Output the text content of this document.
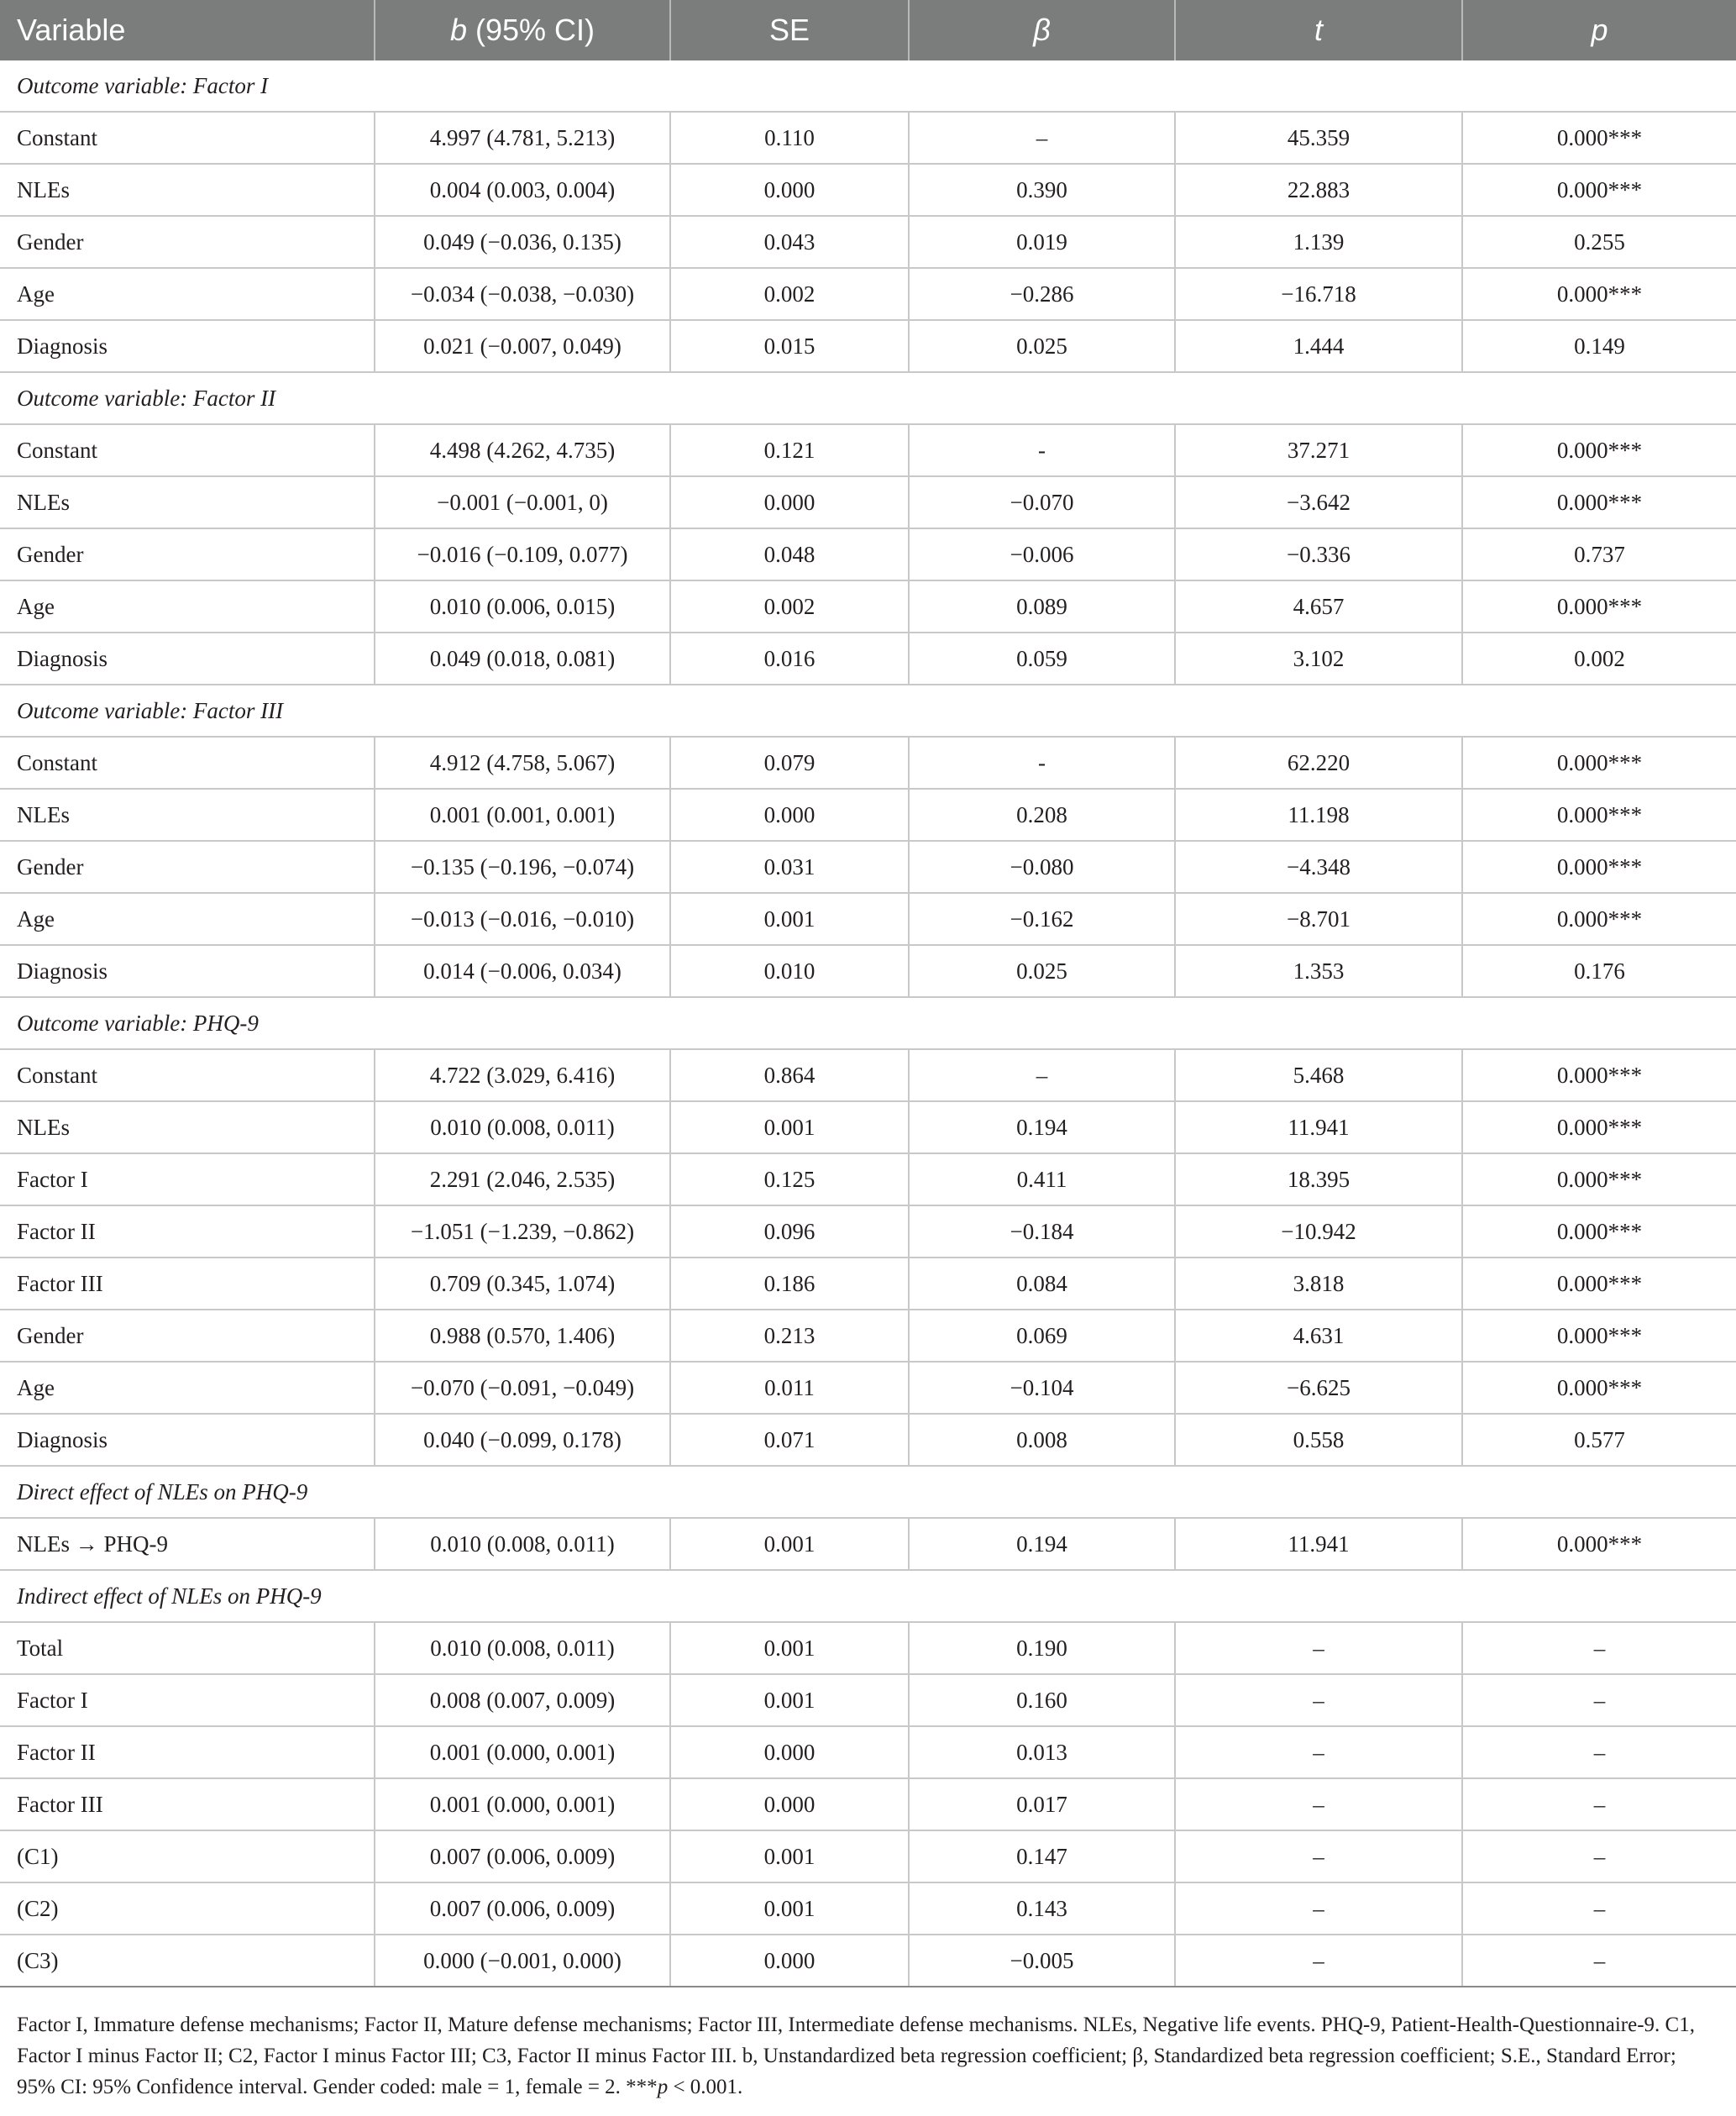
Variable	b (95% CI)	SE	β	t	p
Outcome variable: Factor I					
Constant	4.997 (4.781, 5.213)	0.110	–	45.359	0.000***
NLEs	0.004 (0.003, 0.004)	0.000	0.390	22.883	0.000***
Gender	0.049 (−0.036, 0.135)	0.043	0.019	1.139	0.255
Age	−0.034 (−0.038, −0.030)	0.002	−0.286	−16.718	0.000***
Diagnosis	0.021 (−0.007, 0.049)	0.015	0.025	1.444	0.149
Outcome variable: Factor II					
Constant	4.498 (4.262, 4.735)	0.121	-	37.271	0.000***
NLEs	−0.001 (−0.001, 0)	0.000	−0.070	−3.642	0.000***
Gender	−0.016 (−0.109, 0.077)	0.048	−0.006	−0.336	0.737
Age	0.010 (0.006, 0.015)	0.002	0.089	4.657	0.000***
Diagnosis	0.049 (0.018, 0.081)	0.016	0.059	3.102	0.002
Outcome variable: Factor III					
Constant	4.912 (4.758, 5.067)	0.079	-	62.220	0.000***
NLEs	0.001 (0.001, 0.001)	0.000	0.208	11.198	0.000***
Gender	−0.135 (−0.196, −0.074)	0.031	−0.080	−4.348	0.000***
Age	−0.013 (−0.016, −0.010)	0.001	−0.162	−8.701	0.000***
Diagnosis	0.014 (−0.006, 0.034)	0.010	0.025	1.353	0.176
Outcome variable: PHQ-9					
Constant	4.722 (3.029, 6.416)	0.864	–	5.468	0.000***
NLEs	0.010 (0.008, 0.011)	0.001	0.194	11.941	0.000***
Factor I	2.291 (2.046, 2.535)	0.125	0.411	18.395	0.000***
Factor II	−1.051 (−1.239, −0.862)	0.096	−0.184	−10.942	0.000***
Factor III	0.709 (0.345, 1.074)	0.186	0.084	3.818	0.000***
Gender	0.988 (0.570, 1.406)	0.213	0.069	4.631	0.000***
Age	−0.070 (−0.091, −0.049)	0.011	−0.104	−6.625	0.000***
Diagnosis	0.040 (−0.099, 0.178)	0.071	0.008	0.558	0.577
Direct effect of NLEs on PHQ-9					
NLEs → PHQ-9	0.010 (0.008, 0.011)	0.001	0.194	11.941	0.000***
Indirect effect of NLEs on PHQ-9					
Total	0.010 (0.008, 0.011)	0.001	0.190	–	–
Factor I	0.008 (0.007, 0.009)	0.001	0.160	–	–
Factor II	0.001 (0.000, 0.001)	0.000	0.013	–	–
Factor III	0.001 (0.000, 0.001)	0.000	0.017	–	–
(C1)	0.007 (0.006, 0.009)	0.001	0.147	–	–
(C2)	0.007 (0.006, 0.009)	0.001	0.143	–	–
(C3)	0.000 (−0.001, 0.000)	0.000	−0.005	–	–
Factor I, Immature defense mechanisms; Factor II, Mature defense mechanisms; Factor III, Intermediate defense mechanisms. NLEs, Negative life events. PHQ-9, Patient-Health-Questionnaire-9. C1, Factor I minus Factor II; C2, Factor I minus Factor III; C3, Factor II minus Factor III. b, Unstandardized beta regression coefficient; β, Standardized beta regression coefficient; S.E., Standard Error; 95% CI: 95% Confidence interval. Gender coded: male = 1, female = 2. ***p < 0.001.
